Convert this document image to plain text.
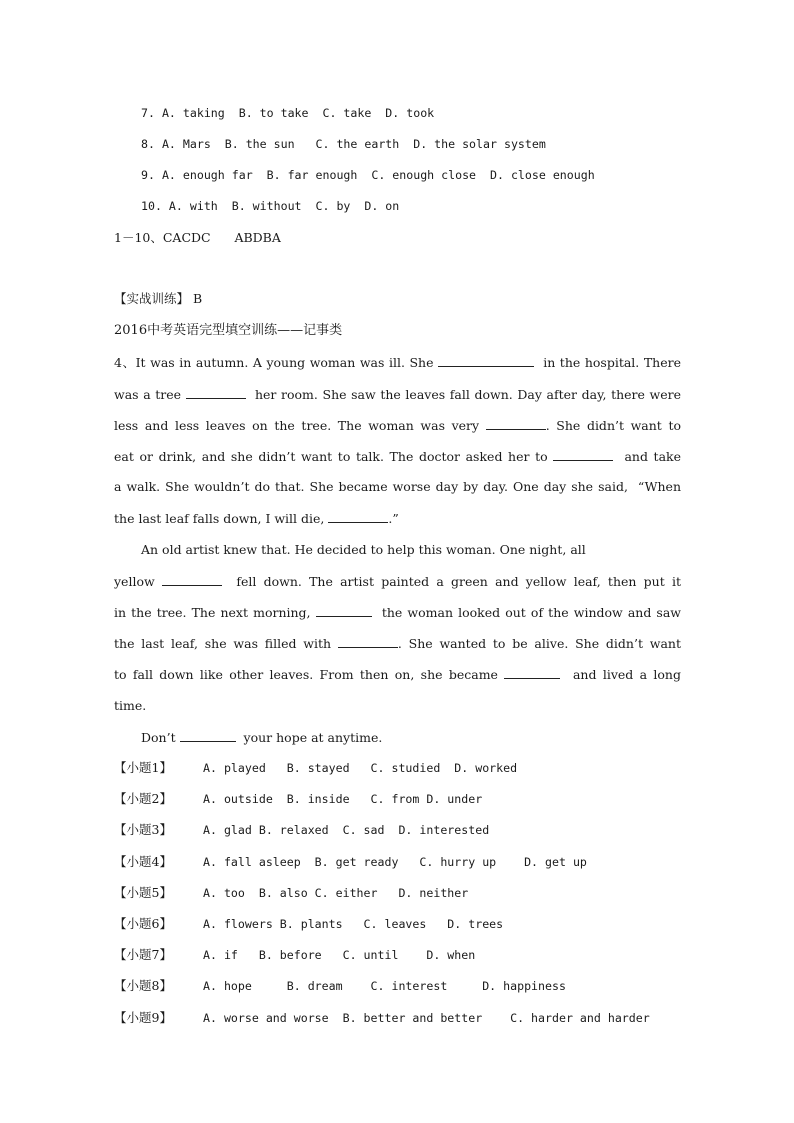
7. A. taking  B. to take  C. take  D. took
8. A. Mars  B. the sun   C. the earth  D. the solar system
9. A. enough far  B. far enough  C. enough close  D. close enough
10. A. with  B. without  C. by  D. on
1－10、CACDC      ABDBA
【实战训练】 B
2016中考英语完型填空训练——记事类
4、It was in autumn. A young woman was ill. She	in the hospital. There
was a tree	her room. She saw the leaves fall down. Day after day, there were
less and less leaves on the tree. The woman was very	. She didn’t want to
eat or drink, and she didn’t want to talk. The doctor asked her to	and take
a walk. She wouldn’t do that. She became worse day by day. One day she said,  “When
the last leaf falls down, I will die,	.”
An old artist knew that. He decided to help this woman. One night, all
yellow	fell down. The artist painted a green and yellow leaf, then put it
in the tree. The next morning,	the woman looked out of the window and saw
the last leaf, she was filled with	. She wanted to be alive. She didn’t want
to fall down like other leaves. From then on, she became	and lived a long
time.
Don’t	your hope at anytime.
【小题1】	A. played   B. stayed   C. studied  D. worked
【小题2】	A. outside  B. inside   C. from D. under
【小题3】	A. glad B. relaxed  C. sad  D. interested
【小题4】	A. fall asleep  B. get ready   C. hurry up    D. get up
【小题5】	A. too  B. also C. either   D. neither
【小题6】	A. flowers B. plants   C. leaves   D. trees
【小题7】	A. if   B. before   C. until    D. when
【小题8】	A. hope     B. dream    C. interest     D. happiness
【小题9】	A. worse and worse  B. better and better    C. harder and harder
